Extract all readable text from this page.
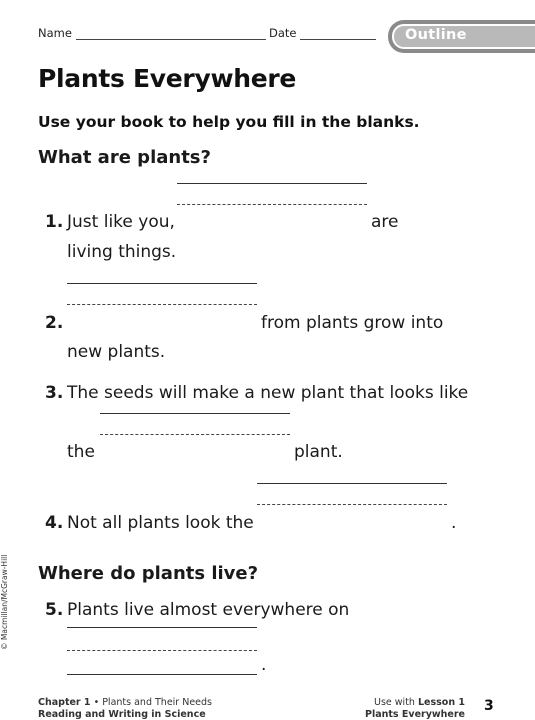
Name	Date	Outline
Plants Everywhere
Use your book to help you fill in the blanks.
What are plants?
1. Just like you,	are
living things.
2.	from plants grow into
new plants.
3. The seeds will make a new plant that looks like
the	plant.
4. Not all plants look the	.
Where do plants live?
5. Plants live almost everywhere on
.
© Macmillan/McGraw-Hill
Chapter 1 • Plants and Their Needs
Reading and Writing in Science
Use with Lesson 1
Plants Everywhere
3
